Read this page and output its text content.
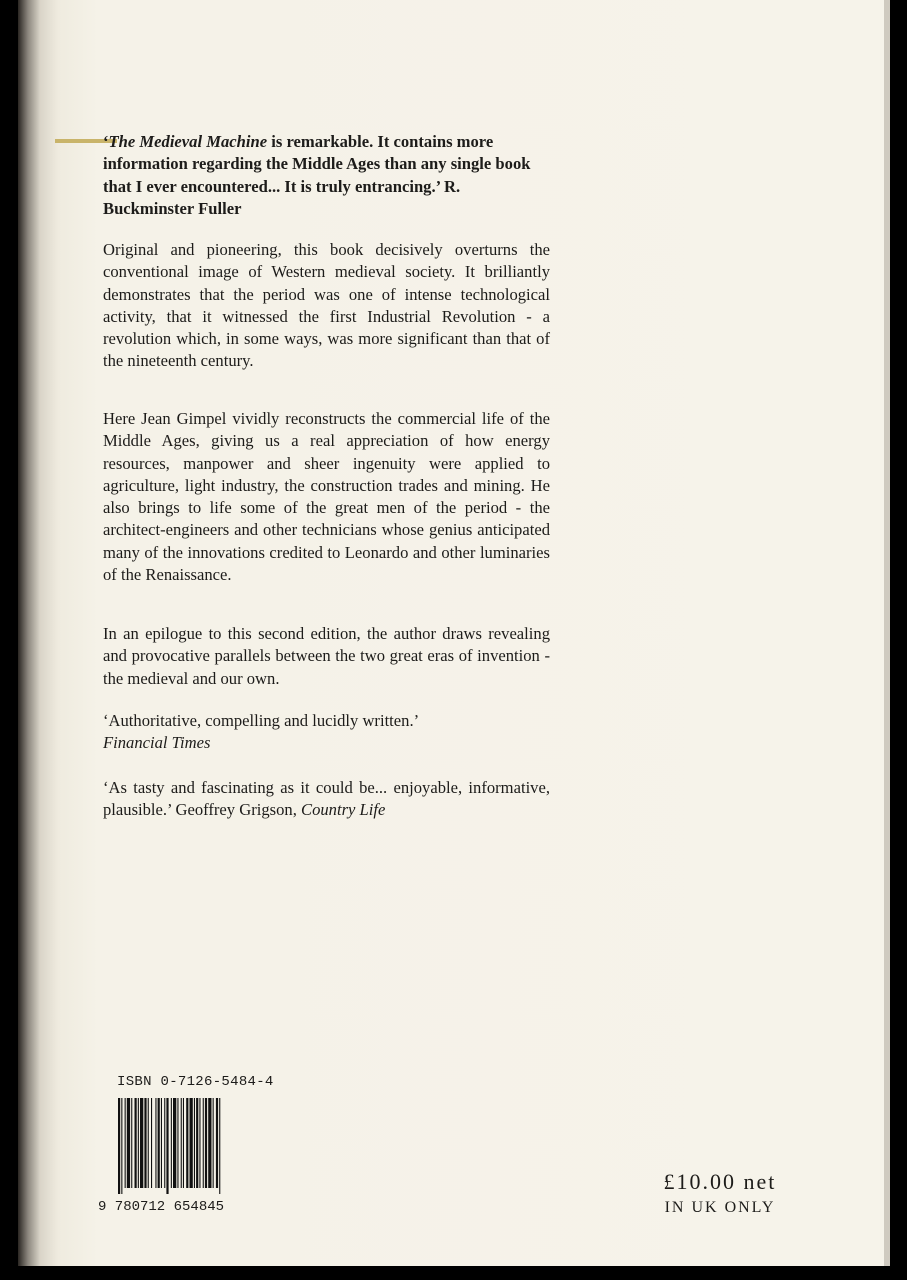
‘The Medieval Machine is remarkable. It contains more information regarding the Middle Ages than any single book that I ever encountered... It is truly entrancing.’ R. Buckminster Fuller

Original and pioneering, this book decisively overturns the conventional image of Western medieval society. It brilliantly demonstrates that the period was one of intense technological activity, that it witnessed the first Industrial Revolution - a revolution which, in some ways, was more significant than that of the nineteenth century.

Here Jean Gimpel vividly reconstructs the commercial life of the Middle Ages, giving us a real appreciation of how energy resources, manpower and sheer ingenuity were applied to agriculture, light industry, the construction trades and mining. He also brings to life some of the great men of the period - the architect-engineers and other technicians whose genius anticipated many of the innovations credited to Leonardo and other luminaries of the Renaissance.

In an epilogue to this second edition, the author draws revealing and provocative parallels between the two great eras of invention - the medieval and our own.

‘Authoritative, compelling and lucidly written.’
Financial Times

‘As tasty and fascinating as it could be... enjoyable, informative, plausible.’ Geoffrey Grigson, Country Life

ISBN 0-7126-5484-4
9 780712 654845
£10.00 net
IN UK ONLY
